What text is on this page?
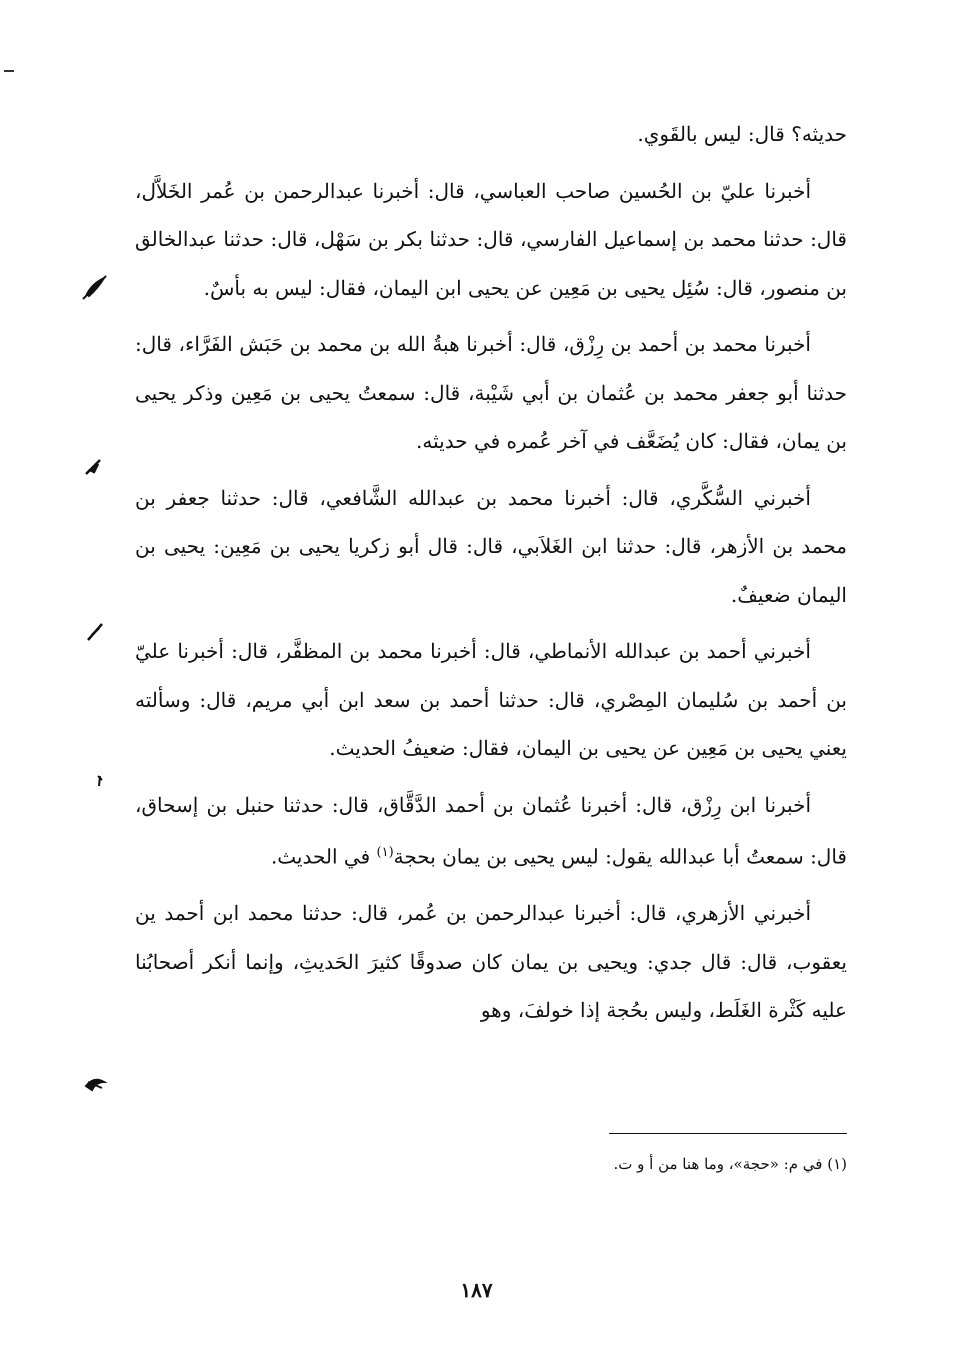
حديثه؟ قال: ليس بالقَوي.

أخبرنا عليّ بن الحُسين صاحب العباسي، قال: أخبرنا عبدالرحمن بن عُمر الخَلاَّل، قال: حدثنا محمد بن إسماعيل الفارسي، قال: حدثنا بكر بن سَهْل، قال: حدثنا عبدالخالق بن منصور، قال: سُئِل يحيى بن مَعِين عن يحيى ابن اليمان، فقال: ليس به بأسٌ.

أخبرنا محمد بن أحمد بن رِزْق، قال: أخبرنا هبةُ الله بن محمد بن حَبَش الفَرَّاء، قال: حدثنا أبو جعفر محمد بن عُثمان بن أبي شَيْبة، قال: سمعتُ يحيى بن مَعِين وذكر يحيى بن يمان، فقال: كان يُضَعَّف في آخر عُمره في حديثه.

أخبرني السُّكَّري، قال: أخبرنا محمد بن عبدالله الشَّافعي، قال: حدثنا جعفر بن محمد بن الأزهر، قال: حدثنا ابن الغَلاَبي، قال: قال أبو زكريا يحيى بن مَعِين: يحيى بن اليمان ضعيفٌ.

أخبرني أحمد بن عبدالله الأنماطي، قال: أخبرنا محمد بن المظفَّر، قال: أخبرنا عليّ بن أحمد بن سُليمان المِصْري، قال: حدثنا أحمد بن سعد ابن أبي مريم، قال: وسألته يعني يحيى بن مَعِين عن يحيى بن اليمان، فقال: ضعيفُ الحديث.

أخبرنا ابن رِزْق، قال: أخبرنا عُثمان بن أحمد الدَّقَّاق، قال: حدثنا حنبل بن إسحاق، قال: سمعتُ أبا عبدالله يقول: ليس يحيى بن يمان بحجة$^{(١)}$ في الحديث.

أخبرني الأزهري، قال: أخبرنا عبدالرحمن بن عُمر، قال: حدثنا محمد ابن أحمد ين يعقوب، قال: قال جدي: ويحيى بن يمان كان صدوقًا كثيرَ الحَديثِ، وإنما أنكر أصحابُنا عليه كَثْرة الغَلَط، وليس بحُجة إذا خولفَ، وهو

(١) في م: «حجة»، وما هنا من أ و ت.
١٨٧
